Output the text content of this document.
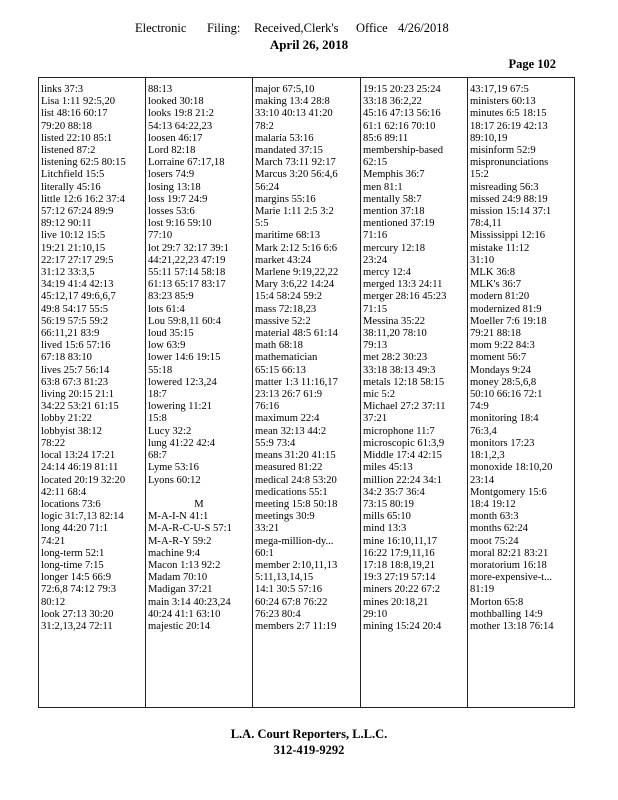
Electronic Filing: Received,Clerk's Office 4/26/2018
April 26, 2018
Page 102
links 37:3
Lisa 1:11 92:5,20
list 48:16 60:17
79:20 88:18
listed 22:10 85:1
listened 87:2
listening 62:5 80:15
Litchfield 15:5
literally 45:16
little 12:6 16:2 37:4
57:12 67:24 89:9
89:12 90:11
live 10:12 15:5
19:21 21:10,15
22:17 27:17 29:5
31:12 33:3,5
34:19 41:4 42:13
45:12,17 49:6,6,7
49:8 54:17 55:5
56:19 57:5 59:2
66:11,21 83:9
lived 15:6 57:16
67:18 83:10
lives 25:7 56:14
63:8 67:3 81:23
living 20:15 21:1
34:22 53:21 61:15
lobby 21:22
lobbyist 38:12
78:22
local 13:24 17:21
24:14 46:19 81:11
located 20:19 32:20
42:11 68:4
locations 73:6
logic 31:7,13 82:14
long 44:20 71:1
74:21
long-term 52:1
long-time 7:15
longer 14:5 66:9
72:6,8 74:12 79:3
80:12
look 27:13 30:20
31:2,13,24 72:11
88:13
looked 30:18
looks 19:8 21:2
54:13 64:22,23
loosen 46:17
Lord 82:18
Lorraine 67:17,18
losers 74:9
losing 13:18
loss 19:7 24:9
losses 53:6
lost 9:16 59:10
77:10
lot 29:7 32:17 39:1
44:21,22,23 47:19
55:11 57:14 58:18
61:13 65:17 83:17
83:23 85:9
lots 61:4
Lou 59:8,11 60:4
loud 35:15
low 63:9
lower 14:6 19:15
55:18
lowered 12:3,24
18:7
lowering 11:21
15:8
Lucy 32:2
lung 41:22 42:4
68:7
Lyme 53:16
Lyons 60:12

M
M-A-I-N 41:1
M-A-R-C-U-S 57:1
M-A-R-Y 59:2
machine 9:4
Macon 1:13 92:2
Madam 70:10
Madigan 37:21
main 3:14 40:23,24
40:24 41:1 63:10
majestic 20:14
major 67:5,10
making 13:4 28:8
33:10 40:13 41:20
78:2
malaria 53:16
mandated 37:15
March 73:11 92:17
Marcus 3:20 56:4,6
56:24
margins 55:16
Marie 1:11 2:5 3:2
5:5
maritime 68:13
Mark 2:12 5:16 6:6
market 43:24
Marlene 9:19,22,22
Mary 3:6,22 14:24
15:4 58:24 59:2
mass 72:18,23
massive 52:2
material 48:5 61:14
math 68:18
mathematician
65:15 66:13
matter 1:3 11:16,17
23:13 26:7 61:9
76:16
maximum 22:4
mean 32:13 44:2
55:9 73:4
means 31:20 41:15
measured 81:22
medical 24:8 53:20
medications 55:1
meeting 15:8 50:18
meetings 30:9
33:21
mega-million-dy...
60:1
member 2:10,11,13
5:11,13,14,15
14:1 30:5 57:16
60:24 67:8 76:22
76:23 80:4
members 2:7 11:19
19:15 20:23 25:24
33:18 36:2,22
45:16 47:13 56:16
61:1 62:16 70:10
85:6 89:11
membership-based
62:15
Memphis 36:7
men 81:1
mentally 58:7
mention 37:18
mentioned 37:19
71:16
mercury 12:18
23:24
mercy 12:4
merged 13:3 24:11
merger 28:16 45:23
71:15
Messina 35:22
38:11,20 78:10
79:13
met 28:2 30:23
33:18 38:13 49:3
metals 12:18 58:15
mic 5:2
Michael 27:2 37:11
37:21
microphone 11:7
microscopic 61:3,9
Middle 17:4 42:15
miles 45:13
million 22:24 34:1
34:2 35:7 36:4
73:15 80:19
mills 65:10
mind 13:3
mine 16:10,11,17
16:22 17:9,11,16
17:18 18:8,19,21
19:3 27:19 57:14
miners 20:22 67:2
mines 20:18,21
29:10
mining 15:24 20:4
43:17,19 67:5
ministers 60:13
minutes 6:5 18:15
18:17 26:19 42:13
89:10,19
misinform 52:9
mispronunciations
15:2
misreading 56:3
missed 24:9 88:19
mission 15:14 37:1
78:4,11
Mississippi 12:16
mistake 11:12
31:10
MLK 36:8
MLK's 36:7
modern 81:20
modernized 81:9
Moeller 7:6 19:18
79:21 88:18
mom 9:22 84:3
moment 56:7
Mondays 9:24
money 28:5,6,8
50:10 66:16 72:1
74:9
monitoring 18:4
76:3,4
monitors 17:23
18:1,2,3
monoxide 18:10,20
23:14
Montgomery 15:6
18:4 19:12
month 63:3
months 62:24
moot 75:24
moral 82:21 83:21
moratorium 16:18
more-expensive-t...
81:19
Morton 65:8
mothballing 14:9
mother 13:18 76:14
L.A. Court Reporters, L.L.C.
312-419-9292
